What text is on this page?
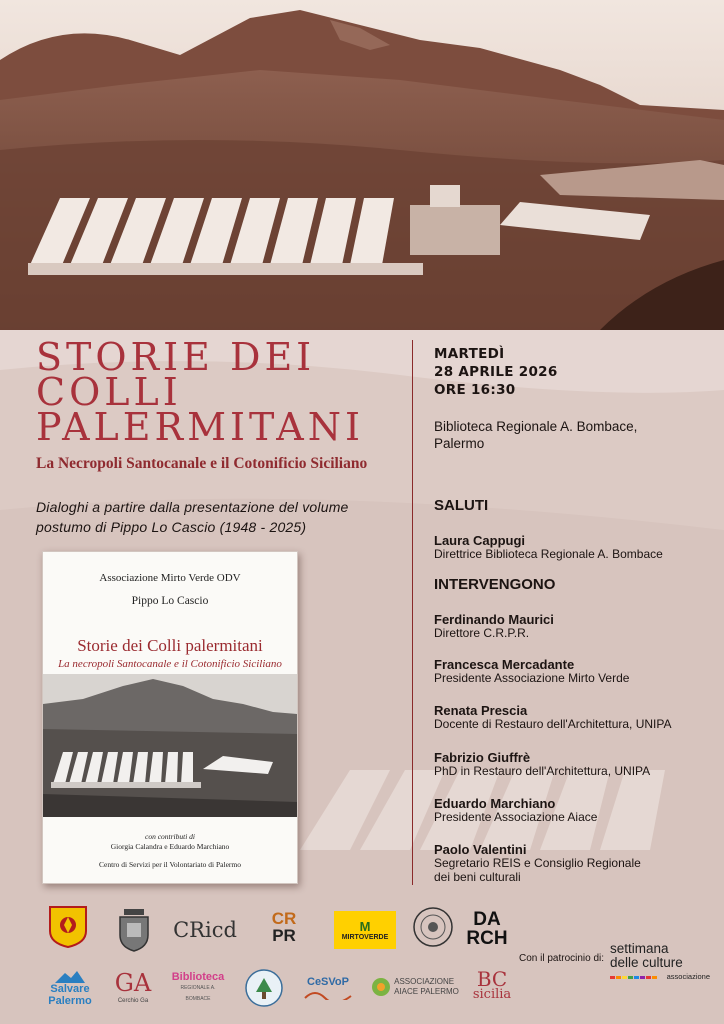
STORIE DEI
COLLI
PALERMITANI

La Necropoli Santocanale e il Cotonificio Siciliano

Dialoghi a partire dalla presentazione del volume
postumo di Pippo Lo Cascio (1948 - 2025)
Associazione Mirto Verde ODV
Pippo Lo Cascio
Storie dei Colli palermitani
La necropoli Santocanale e il Cotonificio Siciliano
con contributi di
Giorgia Calandra e Eduardo Marchiano
Centro di Servizi per il Volontariato di Palermo
MARTEDÌ
28 APRILE 2026
ORE 16:30
Biblioteca Regionale A. Bombace,
Palermo
SALUTI
Laura Cappugi
Direttrice Biblioteca Regionale A. Bombace
INTERVENGONO
Ferdinando Maurici
Direttore C.R.P.R.
Francesca Mercadante
Presidente Associazione Mirto Verde
Renata Prescia
Docente di Restauro dell'Architettura, UNIPA
Fabrizio Giuffrè
PhD in Restauro dell'Architettura, UNIPA
Eduardo Marchiano
Presidente Associazione Aiace
Paolo Valentini
Segretario REIS e Consiglio Regionale
dei beni culturali
CRicd CR
PR	M
MIRTOVERDE
DA
RCH
Salvare
Palermo
GA
Cerchio Ga
Biblioteca
REGIONALE A. BOMBACE
CeSVoP	ASSOCIAZIONE
AIACE PALERMO
BC
sicilia
Con il patrocinio di:
settimana
delle culture
associazione
